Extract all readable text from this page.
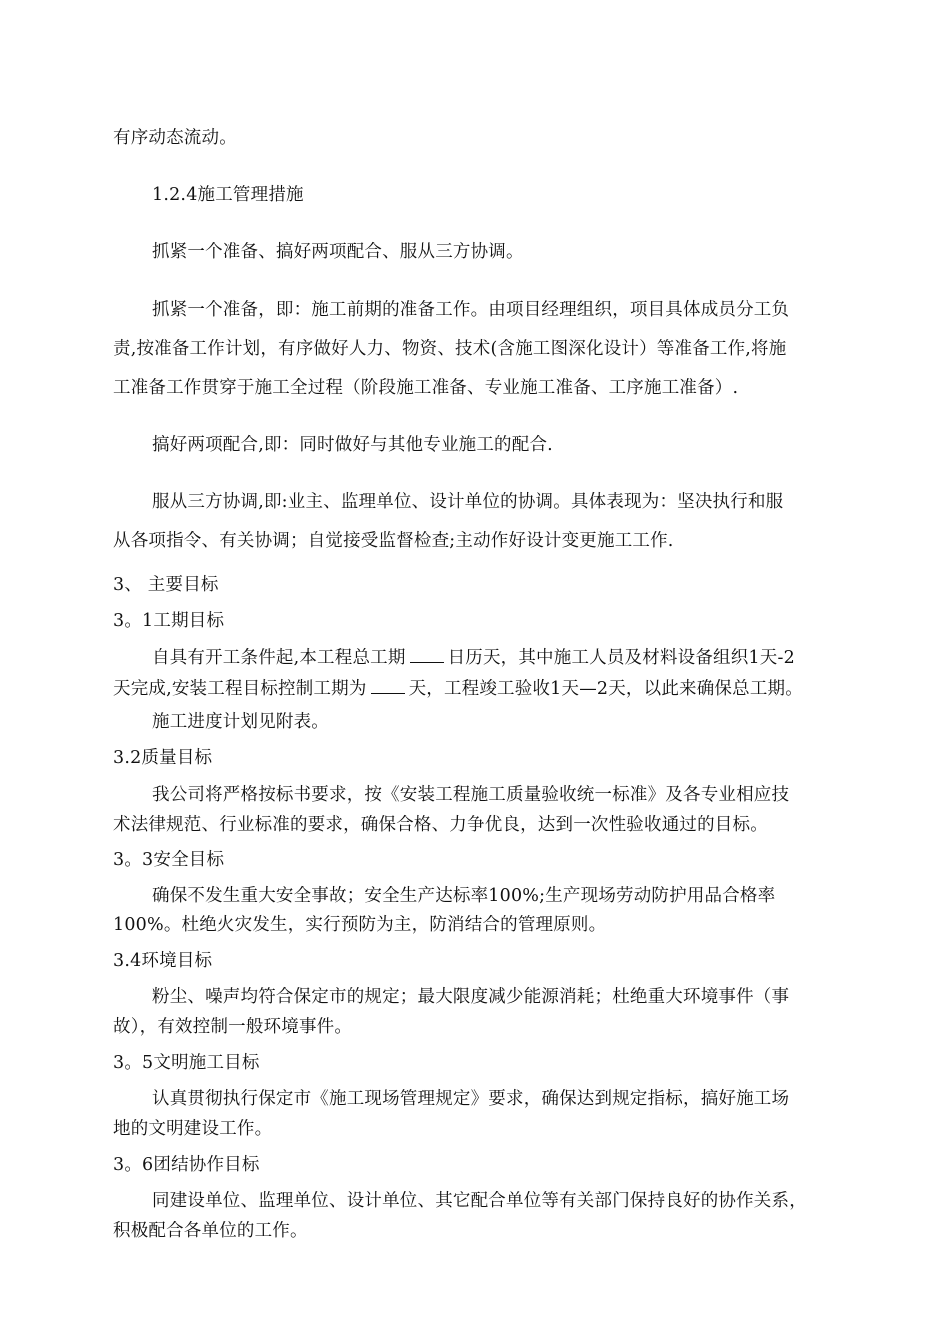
有序动态流动。
1.2.4施工管理措施
抓紧一个准备、搞好两项配合、服从三方协调。
抓紧一个准备，即：施工前期的准备工作。由项目经理组织，项目具体成员分工负
责,按准备工作计划，有序做好人力、物资、技术(含施工图深化设计）等准备工作,将施
工准备工作贯穿于施工全过程（阶段施工准备、专业施工准备、工序施工准备）.
搞好两项配合,即：同时做好与其他专业施工的配合.
服从三方协调,即:业主、监理单位、设计单位的协调。具体表现为：坚决执行和服
从各项指令、有关协调；自觉接受监督检查;主动作好设计变更施工工作.
3、 主要目标
3。1工期目标
自具有开工条件起,本工程总工期 日历天，其中施工人员及材料设备组织1天-2
天完成,安装工程目标控制工期为 天，工程竣工验收1天—2天，以此来确保总工期。
施工进度计划见附表。
3.2质量目标
我公司将严格按标书要求，按《安装工程施工质量验收统一标准》及各专业相应技
术法律规范、行业标准的要求，确保合格、力争优良，达到一次性验收通过的目标。
3。3安全目标
确保不发生重大安全事故；安全生产达标率100%;生产现场劳动防护用品合格率
100%。杜绝火灾发生，实行预防为主，防消结合的管理原则。
3.4环境目标
粉尘、噪声均符合保定市的规定；最大限度减少能源消耗；杜绝重大环境事件（事
故），有效控制一般环境事件。
3。5文明施工目标
认真贯彻执行保定市《施工现场管理规定》要求，确保达到规定指标，搞好施工场
地的文明建设工作。
3。6团结协作目标
同建设单位、监理单位、设计单位、其它配合单位等有关部门保持良好的协作关系，
积极配合各单位的工作。
